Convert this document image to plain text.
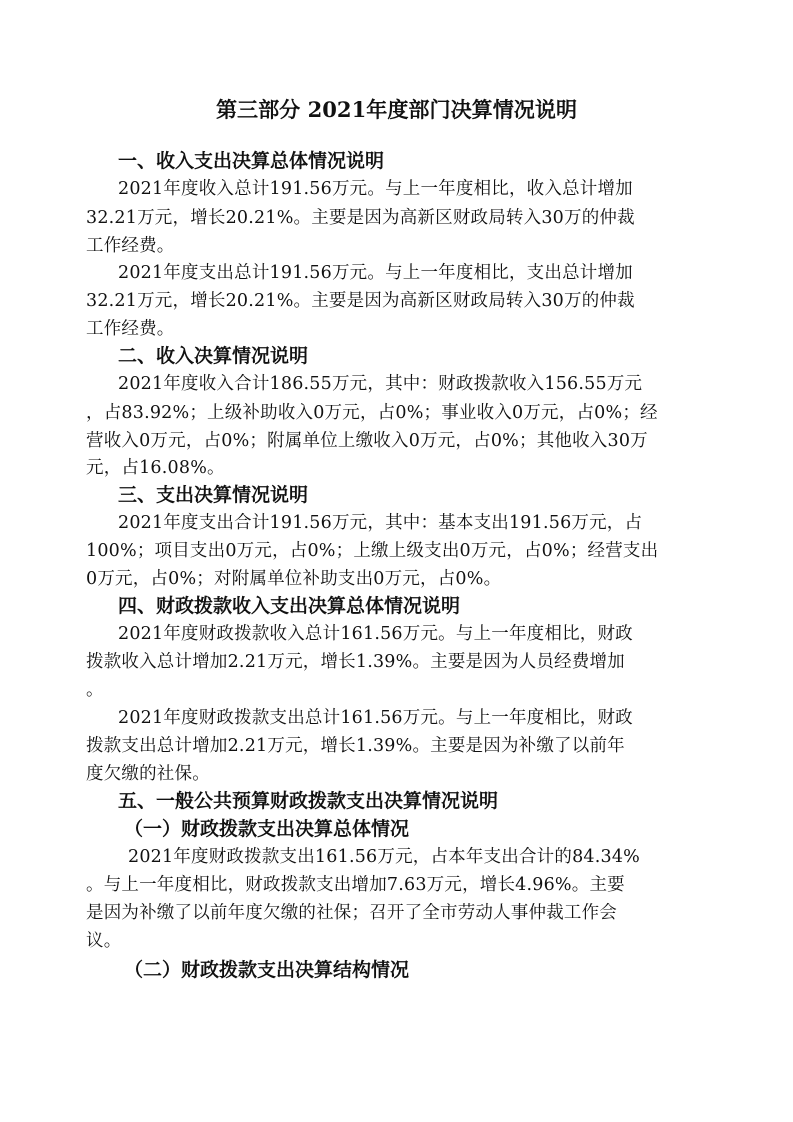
第三部分 2021年度部门决算情况说明
一、收入支出决算总体情况说明
2021年度收入总计191.56万元。与上一年度相比，收入总计增加
32.21万元，增长20.21%。主要是因为高新区财政局转入30万的仲裁
工作经费。
2021年度支出总计191.56万元。与上一年度相比，支出总计增加
32.21万元，增长20.21%。主要是因为高新区财政局转入30万的仲裁
工作经费。
二、收入决算情况说明
2021年度收入合计186.55万元，其中：财政拨款收入156.55万元
，占83.92%；上级补助收入0万元，占0%；事业收入0万元，占0%；经
营收入0万元，占0%；附属单位上缴收入0万元，占0%；其他收入30万
元，占16.08%。
三、支出决算情况说明
2021年度支出合计191.56万元，其中：基本支出191.56万元，占
100%；项目支出0万元，占0%；上缴上级支出0万元，占0%；经营支出
0万元，占0%；对附属单位补助支出0万元，占0%。
四、财政拨款收入支出决算总体情况说明
2021年度财政拨款收入总计161.56万元。与上一年度相比，财政
拨款收入总计增加2.21万元，增长1.39%。主要是因为人员经费增加
。
2021年度财政拨款支出总计161.56万元。与上一年度相比，财政
拨款支出总计增加2.21万元，增长1.39%。主要是因为补缴了以前年
度欠缴的社保。
五、一般公共预算财政拨款支出决算情况说明
（一）财政拨款支出决算总体情况
2021年度财政拨款支出161.56万元，占本年支出合计的84.34%
。与上一年度相比，财政拨款支出增加7.63万元，增长4.96%。主要
是因为补缴了以前年度欠缴的社保；召开了全市劳动人事仲裁工作会
议。
（二）财政拨款支出决算结构情况
